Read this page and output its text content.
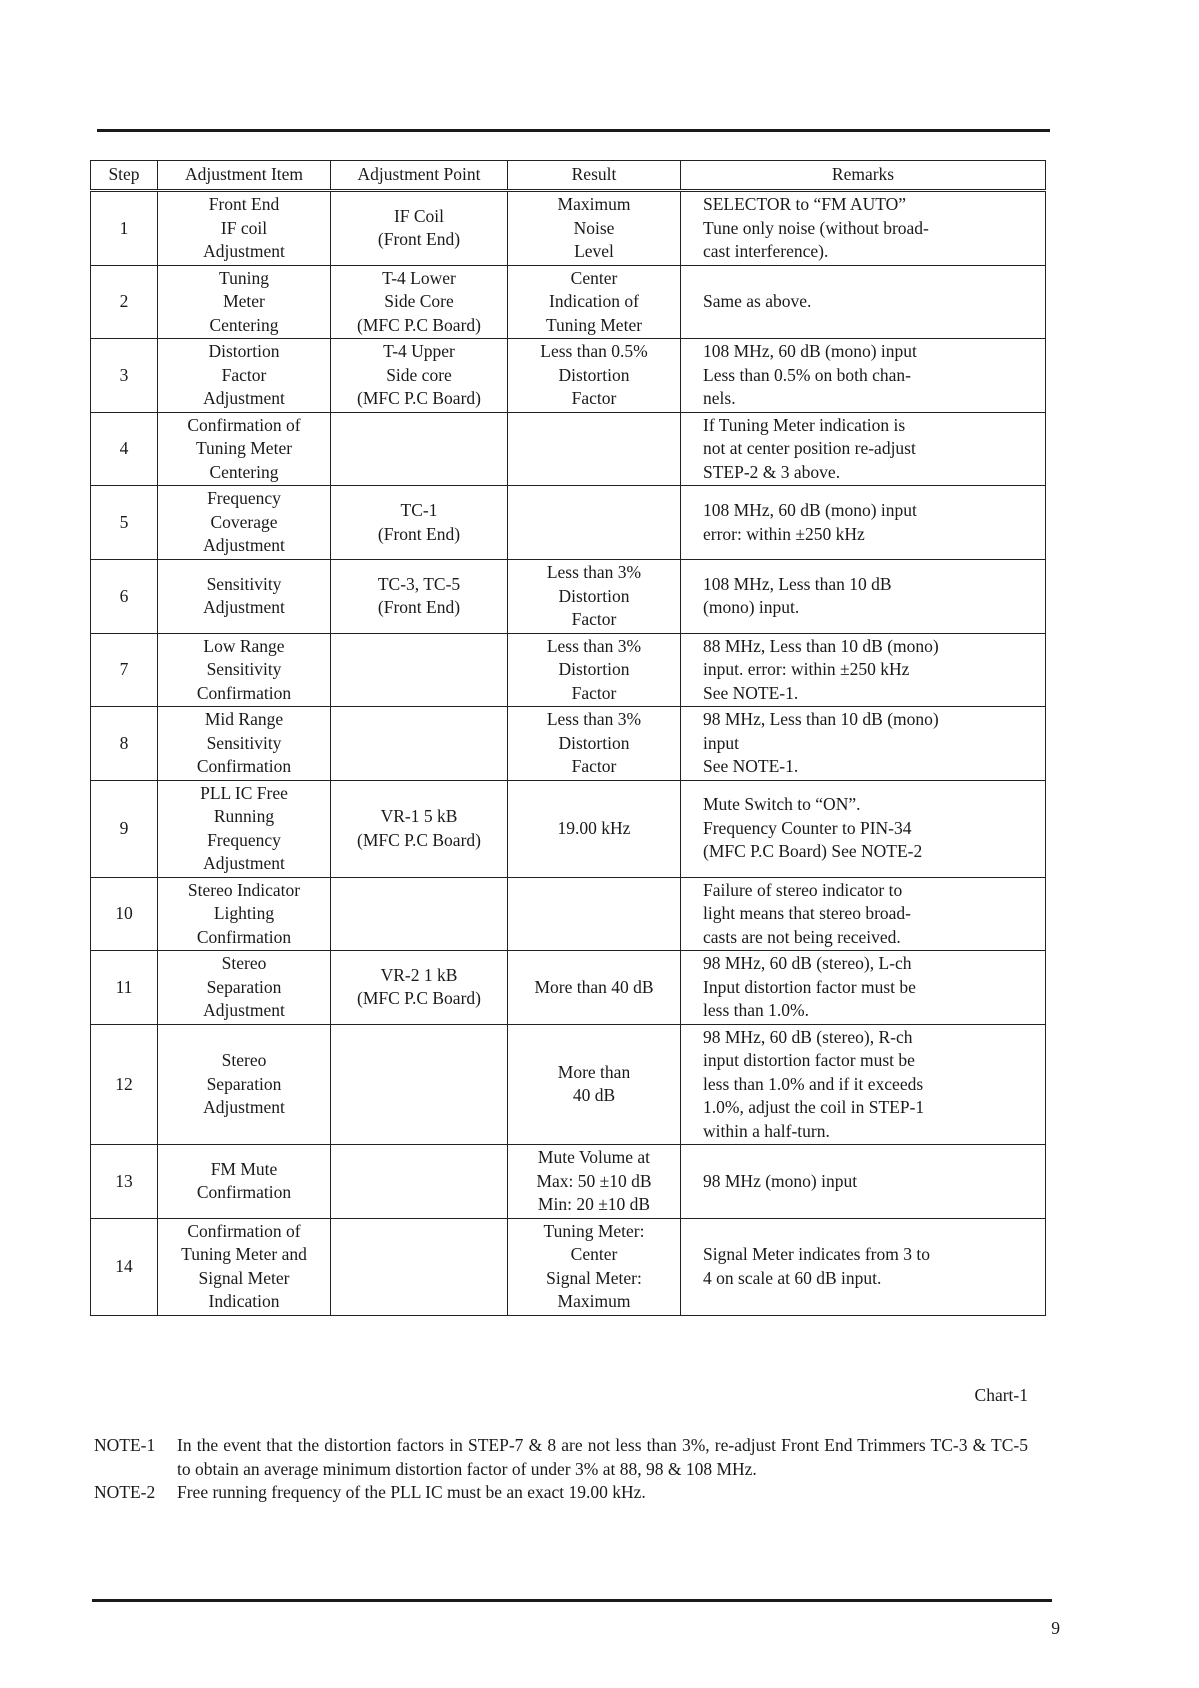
Step	Adjustment Item	Adjustment Point	Result	Remarks
1	Front End
IF coil
Adjustment	IF Coil
(Front End)	Maximum
Noise
Level	SELECTOR to “FM AUTO”
Tune only noise (without broad-
cast interference).

2	Tuning
Meter
Centering	T-4 Lower
Side Core
(MFC P.C Board)	Center
Indication of
Tuning Meter	Same as above.

3	Distortion
Factor
Adjustment	T-4 Upper
Side core
(MFC P.C Board)	Less than 0.5%
Distortion
Factor	108 MHz, 60 dB (mono) input
Less than 0.5% on both chan-
nels.

4	Confirmation of
Tuning Meter
Centering			If Tuning Meter indication is
not at center position re-adjust
STEP-2 & 3 above.

5	Frequency
Coverage
Adjustment	TC-1
(Front End)		108 MHz, 60 dB (mono) input
error: within ±250 kHz

6	Sensitivity
Adjustment	TC-3, TC-5
(Front End)	Less than 3%
Distortion
Factor	108 MHz, Less than 10 dB
(mono) input.

7	Low Range
Sensitivity
Confirmation		Less than 3%
Distortion
Factor	88 MHz, Less than 10 dB (mono)
input. error: within ±250 kHz
See NOTE-1.

8	Mid Range
Sensitivity
Confirmation		Less than 3%
Distortion
Factor	98 MHz, Less than 10 dB (mono)
input
See NOTE-1.

9	PLL IC Free
Running
Frequency
Adjustment	VR-1 5 kB
(MFC P.C Board)	19.00 kHz	Mute Switch to “ON”.
Frequency Counter to PIN-34
(MFC P.C Board) See NOTE-2

10	Stereo Indicator
Lighting
Confirmation			Failure of stereo indicator to
light means that stereo broad-
casts are not being received.

11	Stereo
Separation
Adjustment	VR-2 1 kB
(MFC P.C Board)	More than 40 dB	98 MHz, 60 dB (stereo), L-ch
Input distortion factor must be
less than 1.0%.

12	Stereo
Separation
Adjustment		More than
40 dB	98 MHz, 60 dB (stereo), R-ch
input distortion factor must be
less than 1.0% and if it exceeds
1.0%, adjust the coil in STEP-1
within a half-turn.

13	FM Mute
Confirmation		Mute Volume at
Max: 50 ±10 dB
Min: 20 ±10 dB	98 MHz (mono) input

14	Confirmation of
Tuning Meter and
Signal Meter
Indication		Tuning Meter:
Center
Signal Meter:
Maximum	Signal Meter indicates from 3 to
4 on scale at 60 dB input.
Chart-1
NOTE-1	In the event that the distortion factors in STEP-7 & 8 are not less than 3%, re-adjust Front End Trimmers TC-3 & TC-5 to obtain an average minimum distortion factor of under 3% at 88, 98 & 108 MHz.
NOTE-2	Free running frequency of the PLL IC must be an exact 19.00 kHz.
9
